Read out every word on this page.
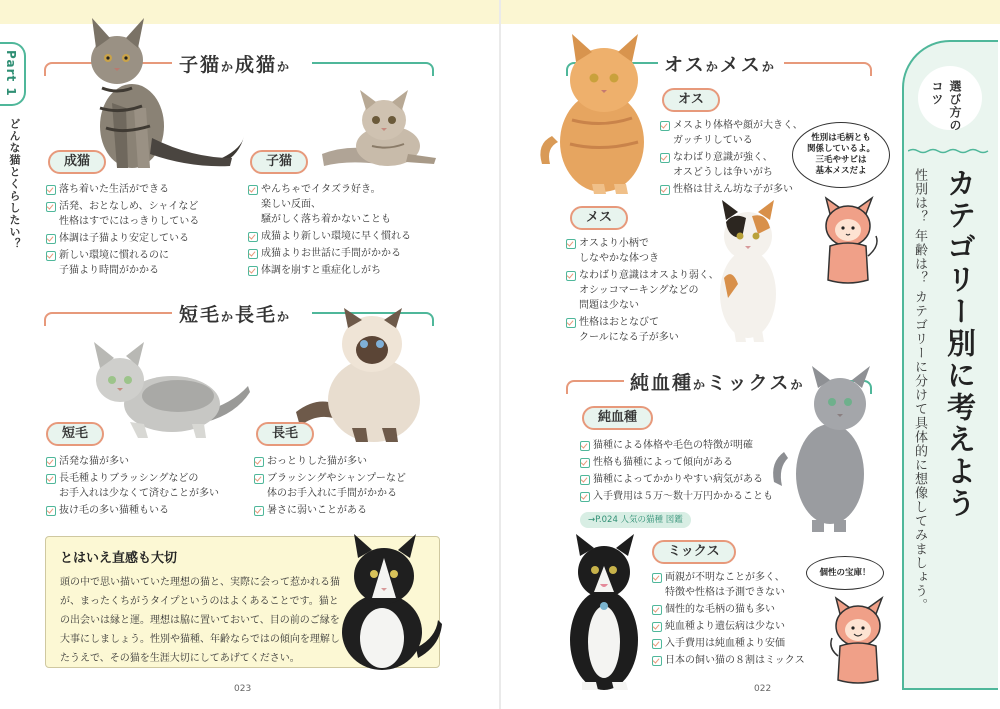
Part 1
どんな猫とくらしたい？
子猫か成猫か
成猫
落ち着いた生活ができる
活発、おとなしめ、シャイなど
性格はすでにはっきりしている
体調は子猫より安定している
新しい環境に慣れるのに
子猫より時間がかかる
子猫
やんちゃでイタズラ好き。
楽しい反面、
騒がしく落ち着かないことも
成猫より新しい環境に早く慣れる
成猫よりお世話に手間がかかる
体調を崩すと重症化しがち
短毛か長毛か
短毛
活発な猫が多い
長毛種よりブラッシングなどの
お手入れは少なくて済むことが多い
抜け毛の多い猫種もいる
長毛
おっとりした猫が多い
ブラッシングやシャンプーなど
体のお手入れに手間がかかる
暑さに弱いことがある
とはいえ直感も大切
頭の中で思い描いていた理想の猫と、実際に会って惹かれる猫
が、まったくちがうタイプというのはよくあることです。猫と
の出会いは縁と運。理想は脇に置いておいて、目の前のご縁を
大事にしましょう。性別や猫種、年齢ならではの傾向を理解し
たうえで、その猫を生涯大切にしてあげてください。
023
オスかメスか
オス
メスより体格や顔が大きく、
ガッチリしている
なわばり意識が強く、
オスどうしは争いがち
性格は甘えん坊な子が多い
性別は毛柄とも
関係しているよ。
三毛やサビは
基本メスだよ
メス
オスより小柄で
しなやかな体つき
なわばり意識はオスより弱く、
オシッコマーキングなどの
問題は少ない
性格はおとなびて
クールになる子が多い
純血種かミックスか
純血種
猫種による体格や毛色の特徴が明確
性格も猫種によって傾向がある
猫種によってかかりやすい病気がある
入手費用は５万〜数十万円かかることも
→P.024 人気の猫種 図鑑
ミックス
両親が不明なことが多く、
特徴や性格は予測できない
個性的な毛柄の猫も多い
純血種より遺伝病は少ない
入手費用は純血種より安価
日本の飼い猫の８割はミックス
個性の宝庫！
022
選び方の
コツ
カテゴリー別に考えよう
性別は？ 年齢は？ カテゴリーに分けて具体的に想像してみましょう。
